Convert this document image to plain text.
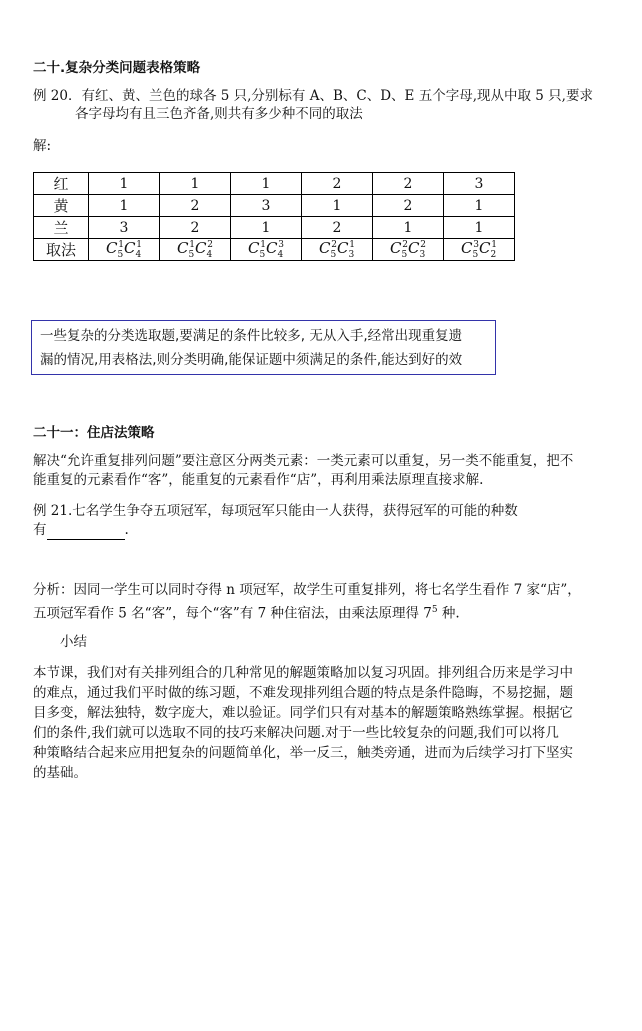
二十.复杂分类问题表格策略
例 20．有红、黄、兰色的球各 5 只,分别标有 A、B、C、D、E 五个字母,现从中取 5 只,要求
各字母均有且三色齐备,则共有多少种不同的取法
解:
红	1	1	1	2	2	3
黄	1	2	3	1	2	1
兰	3	2	1	2	1	1
取法	$C_5^1C_4^1$	$C_5^1C_4^2$	$C_5^1C_4^3$	$C_5^2C_3^1$	$C_5^2C_3^2$	$C_5^3C_2^1$
一些复杂的分类选取题,要满足的条件比较多, 无从入手,经常出现重复遗
漏的情况,用表格法,则分类明确,能保证题中须满足的条件,能达到好的效
二十一：住店法策略
解决“允许重复排列问题”要注意区分两类元素：一类元素可以重复，另一类不能重复，把不
能重复的元素看作“客”，能重复的元素看作“店”，再利用乘法原理直接求解.
例 21.七名学生争夺五项冠军，每项冠军只能由一人获得，获得冠军的可能的种数
有	.
分析：因同一学生可以同时夺得 n 项冠军，故学生可重复排列，将七名学生看作 7 家“店”，
五项冠军看作 5 名“客”，每个“客”有 7 种住宿法，由乘法原理得 $7^5$ 种.
小结
本节课，我们对有关排列组合的几种常见的解题策略加以复习巩固。排列组合历来是学习中
的难点，通过我们平时做的练习题，不难发现排列组合题的特点是条件隐晦，不易挖掘，题
目多变，解法独特，数字庞大，难以验证。同学们只有对基本的解题策略熟练掌握。根据它
们的条件,我们就可以选取不同的技巧来解决问题.对于一些比较复杂的问题,我们可以将几
种策略结合起来应用把复杂的问题简单化，举一反三，触类旁通，进而为后续学习打下坚实
的基础。
